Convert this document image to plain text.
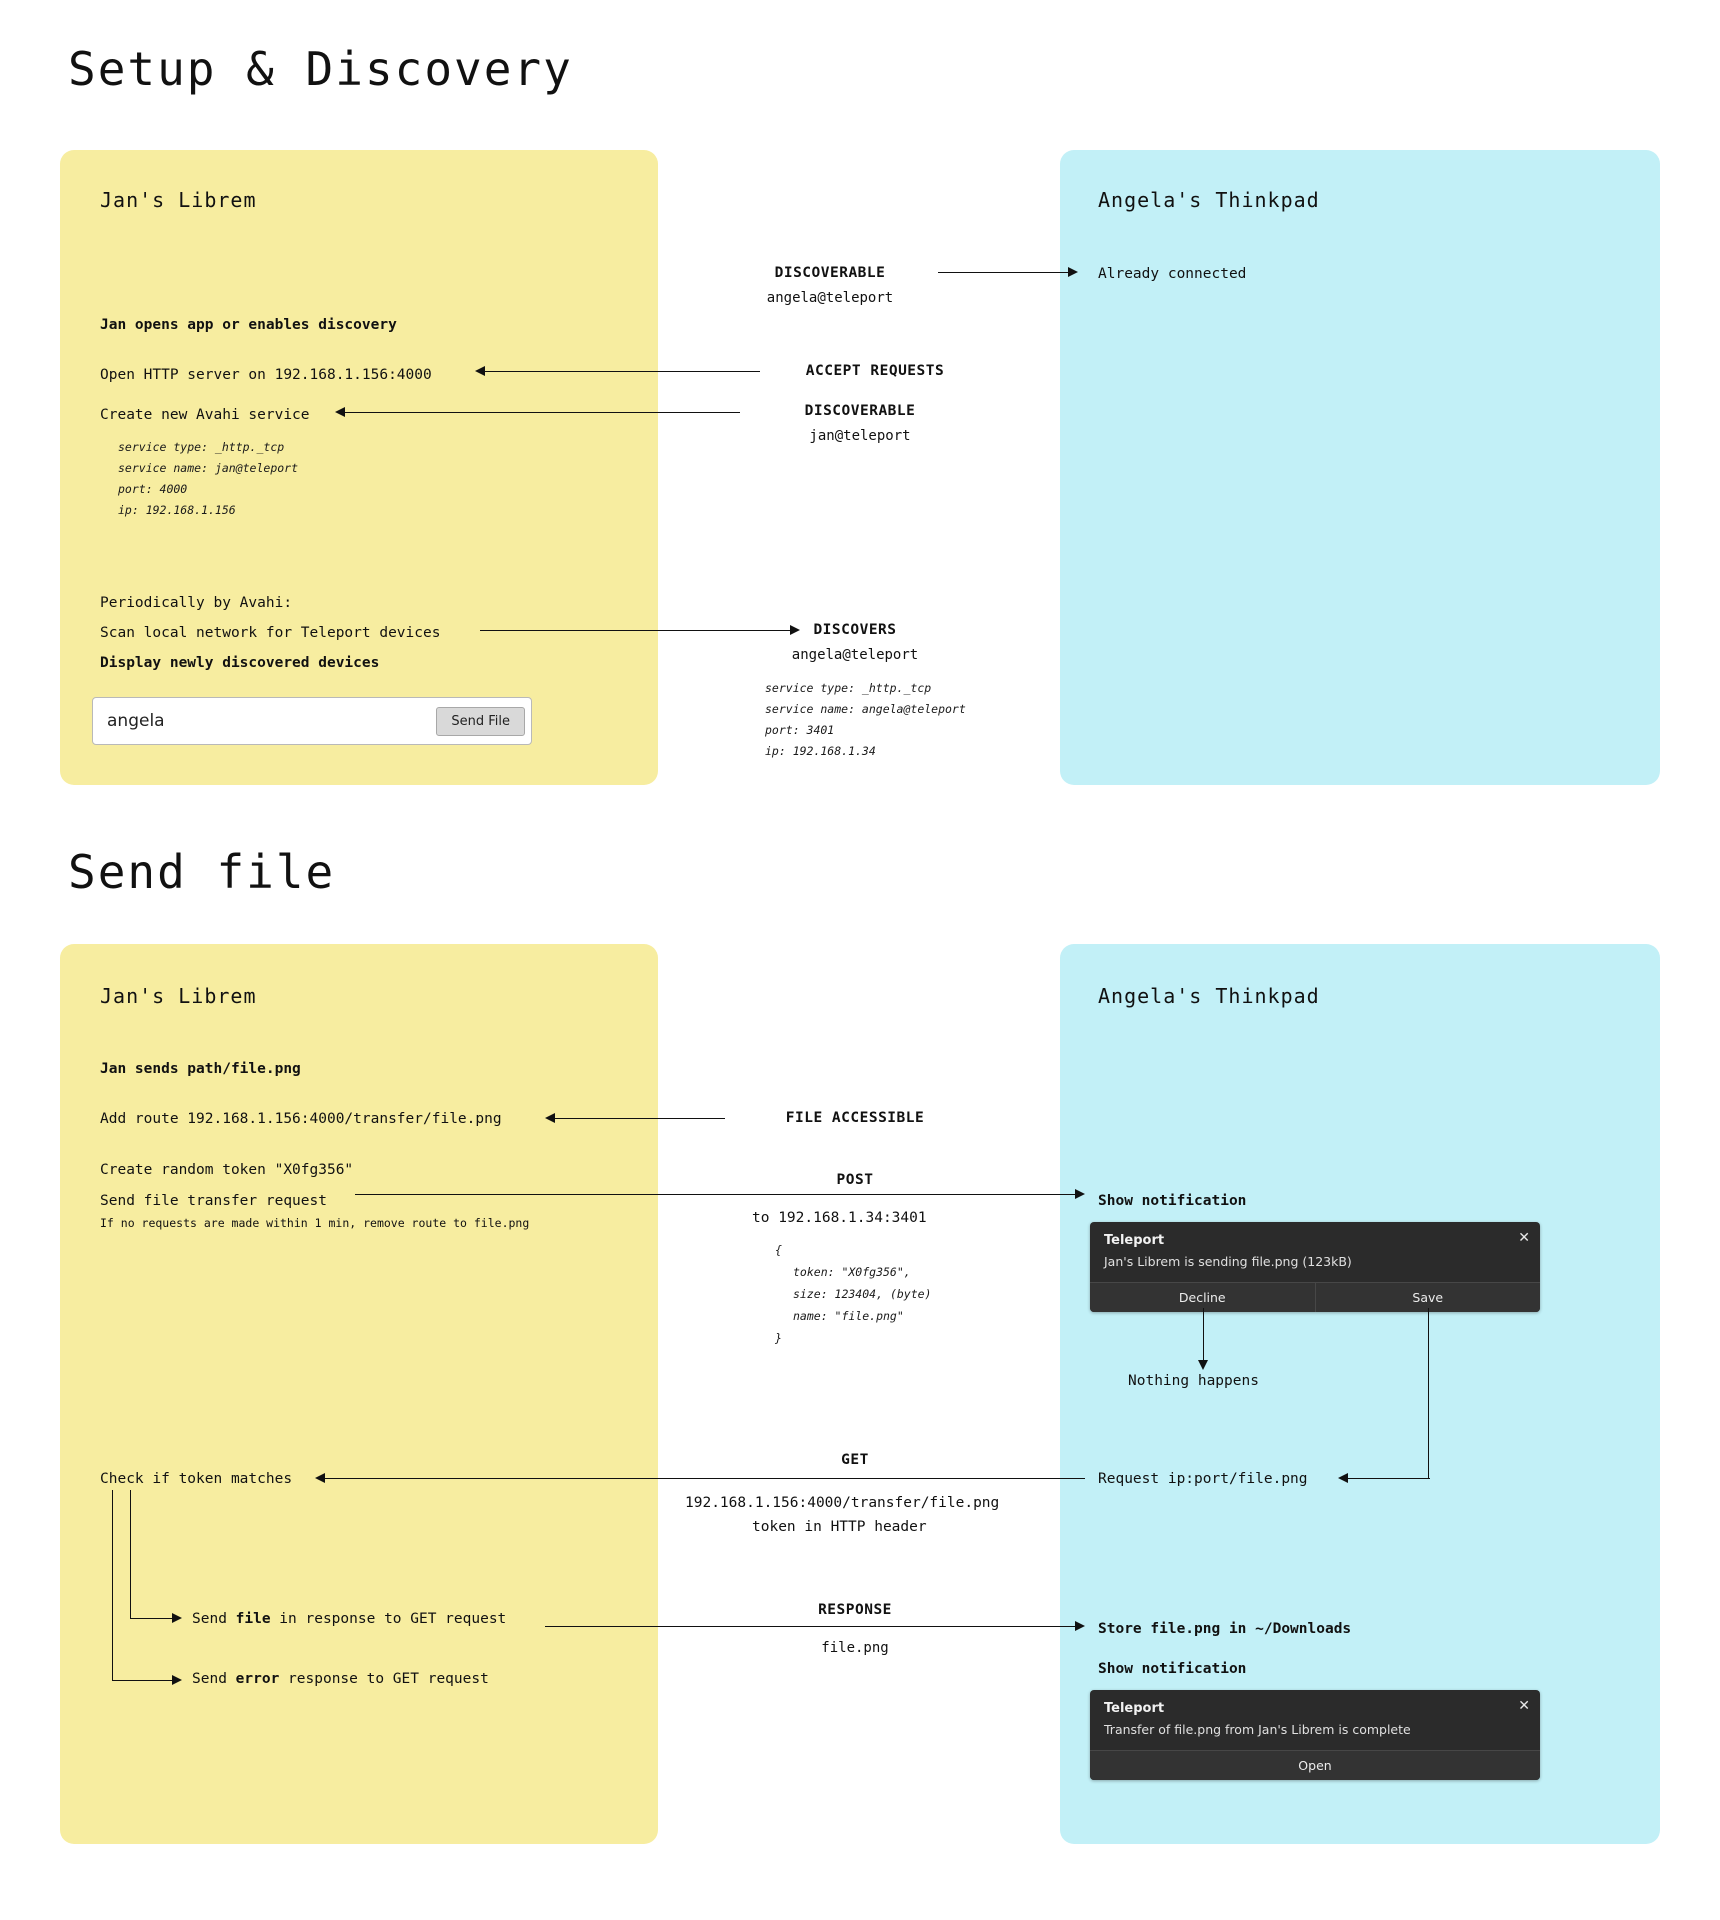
Setup & Discovery
Jan's Librem
Jan opens app or enables discovery
Open HTTP server on 192.168.1.156:4000
Create new Avahi service
service type: _http._tcp
service name: jan@teleport
port: 4000
ip: 192.168.1.156
Periodically by Avahi:
Scan local network for Teleport devices
Display newly discovered devices
angela	Send File
Angela's Thinkpad
Already connected
DISCOVERABLE
angela@teleport
ACCEPT REQUESTS
DISCOVERABLE
jan@teleport
DISCOVERS
angela@teleport
service type: _http._tcp
service name: angela@teleport
port: 3401
ip: 192.168.1.34
Send file
Jan's Librem
Jan sends path/file.png
Add route 192.168.1.156:4000/transfer/file.png
Create random token "X0fg356"
Send file transfer request
If no requests are made within 1 min, remove route to file.png
Check if token matches
Send file in response to GET request
Send error response to GET request
Angela's Thinkpad
Show notification
Teleport
Jan's Librem is sending file.png (123kB)
✕
Decline	Save
Nothing happens
Request ip:port/file.png
Store file.png in ~/Downloads
Show notification
Teleport
Transfer of file.png from Jan's Librem is complete
✕
Open
FILE ACCESSIBLE
POST
to 192.168.1.34:3401
{
token: "X0fg356",
size: 123404, (byte)
name: "file.png"
}
GET
192.168.1.156:4000/transfer/file.png
token in HTTP header
RESPONSE
file.png
